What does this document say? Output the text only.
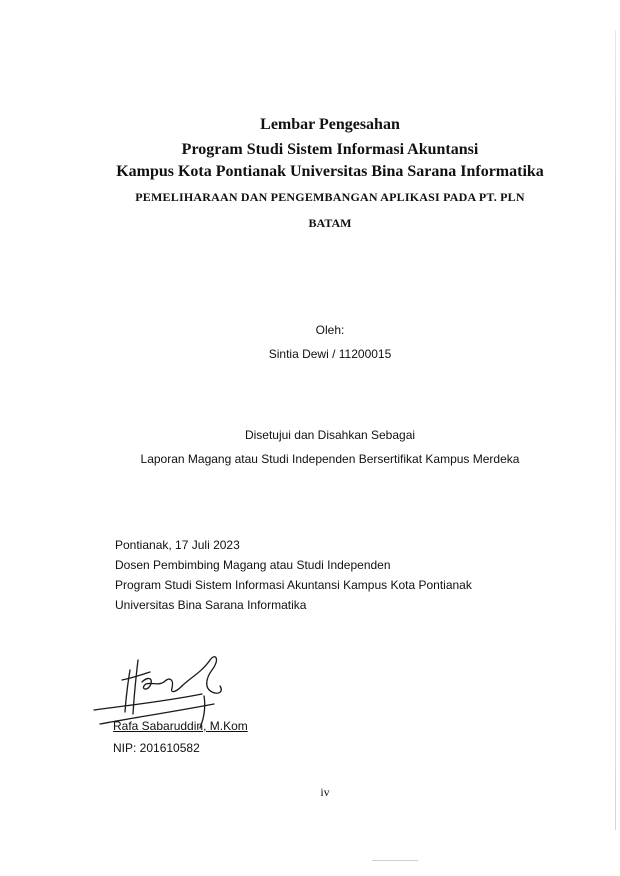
Lembar Pengesahan
Program Studi Sistem Informasi Akuntansi
Kampus Kota Pontianak Universitas Bina Sarana Informatika
PEMELIHARAAN DAN PENGEMBANGAN APLIKASI PADA PT. PLN
BATAM
Oleh:
Sintia Dewi / 11200015
Disetujui dan Disahkan Sebagai
Laporan Magang atau Studi Independen Bersertifikat Kampus Merdeka
Pontianak, 17 Juli 2023
Dosen Pembimbing Magang atau Studi Independen
Program Studi Sistem Informasi Akuntansi Kampus Kota Pontianak
Universitas Bina Sarana Informatika
Rafa Sabaruddin, M.Kom
NIP: 201610582
iv
